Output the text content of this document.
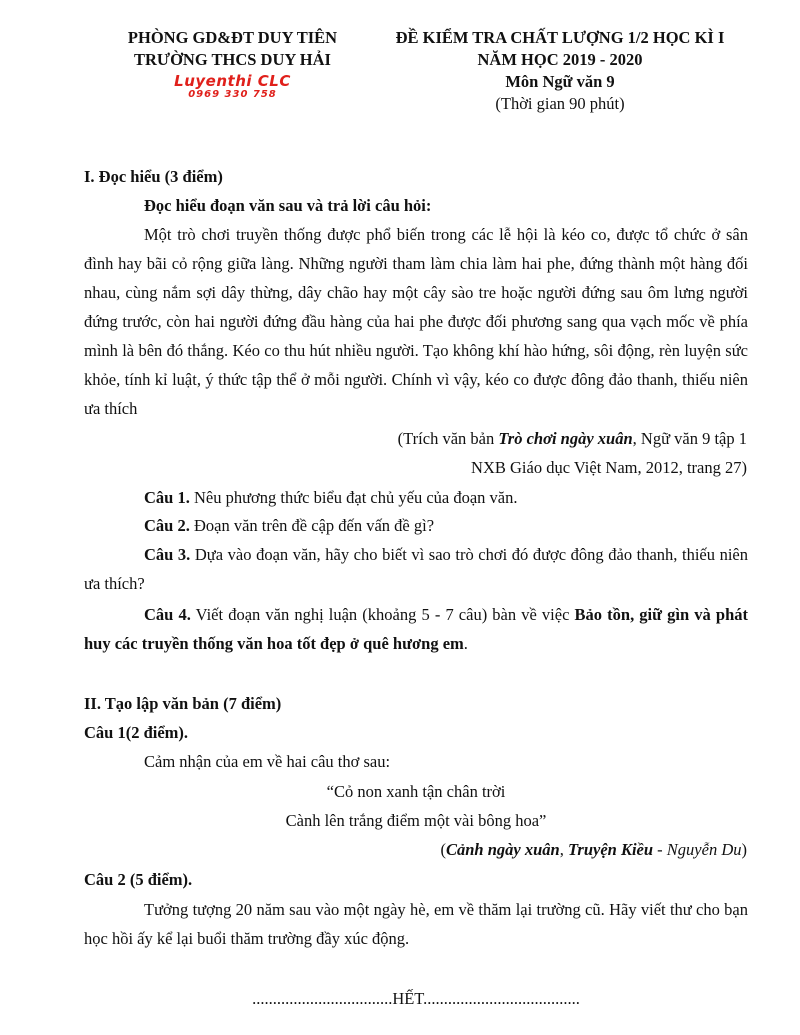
PHÒNG GD&ĐT DUY TIÊN
TRƯỜNG THCS DUY HẢI
Luyenthi CLC
0969 330 758
ĐỀ KIỂM TRA CHẤT LƯỢNG 1/2 HỌC KÌ I
NĂM HỌC 2019 - 2020
Môn Ngữ văn 9
(Thời gian 90 phút)
I. Đọc hiểu (3 điểm)
Đọc hiểu đoạn văn sau và trả lời câu hỏi:
Một trò chơi truyền thống được phổ biến trong các lễ hội là kéo co, được tổ chức ở sân đình hay bãi cỏ rộng giữa làng. Những người tham làm chia làm hai phe, đứng thành một hàng đối nhau, cùng nắm sợi dây thừng, dây chão hay một cây sào tre hoặc người đứng sau ôm lưng người đứng trước, còn hai người đứng đầu hàng của hai phe được đối phương sang qua vạch mốc về phía mình là bên đó thắng. Kéo co thu hút nhiều người. Tạo không khí hào hứng, sôi động, rèn luyện sức khỏe, tính kỉ luật, ý thức tập thể ở mỗi người. Chính vì vậy, kéo co được đông đảo thanh, thiếu niên ưa thích
(Trích văn bản Trò chơi ngày xuân, Ngữ văn 9 tập 1
NXB Giáo dục Việt Nam, 2012, trang 27)
Câu 1. Nêu phương thức biểu đạt chủ yếu của đoạn văn.
Câu 2. Đoạn văn trên đề cập đến vấn đề gì?
Câu 3. Dựa vào đoạn văn, hãy cho biết vì sao trò chơi đó được đông đảo thanh, thiếu niên ưa thích?
Câu 4. Viết đoạn văn nghị luận (khoảng 5 - 7 câu) bàn về việc Bảo tồn, giữ gìn và phát huy các truyền thống văn hoa tốt đẹp ở quê hương em.
II. Tạo lập văn bản (7 điểm)
Câu 1(2 điểm).
Cảm nhận của em về hai câu thơ sau:
“Cỏ non xanh tận chân trời
Cành lên trắng điểm một vài bông hoa”
(Cảnh ngày xuân, Truyện Kiều - Nguyễn Du)
Câu 2 (5 điểm).
Tưởng tượng 20 năm sau vào một ngày hè, em về thăm lại trường cũ. Hãy viết thư cho bạn học hồi ấy kể lại buổi thăm trường đầy xúc động.
..................................HẾT......................................
